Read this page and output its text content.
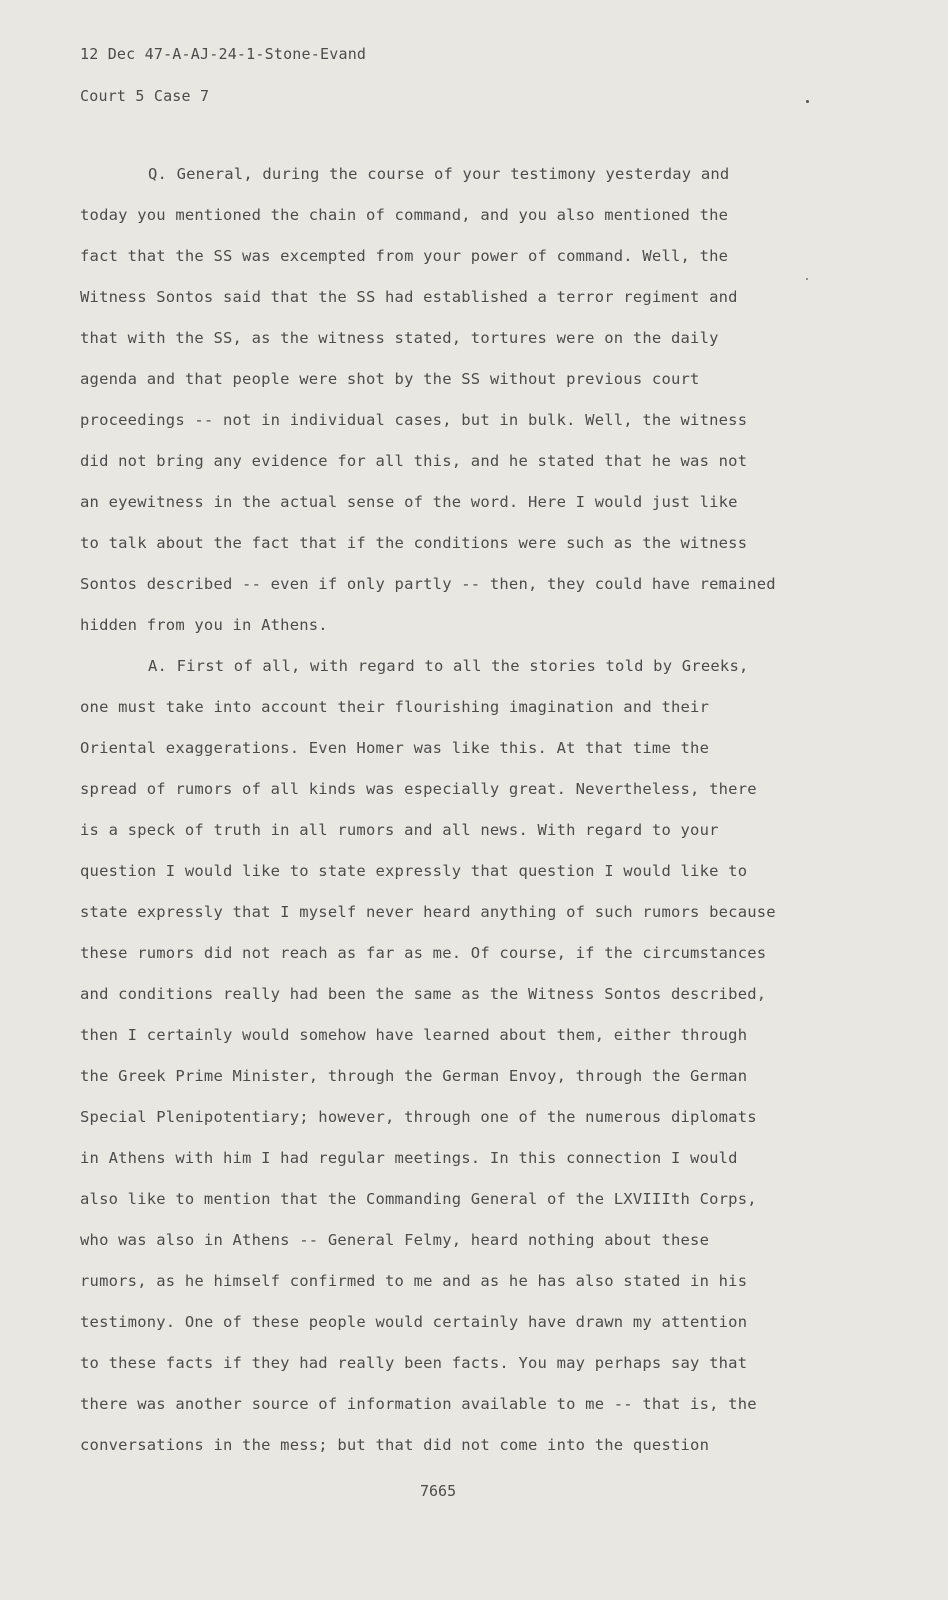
12 Dec 47-A-AJ-24-1-Stone-Evand
Court 5 Case 7
Q. General, during the course of your testimony yesterday and
today you mentioned the chain of command, and you also mentioned the
fact that the SS was excempted from your power of command. Well, the
Witness Sontos said that the SS had established a terror regiment and
that with the SS, as the witness stated, tortures were on the daily
agenda and that people were shot by the SS without previous court
proceedings -- not in individual cases, but in bulk. Well, the witness
did not bring any evidence for all this, and he stated that he was not
an eyewitness in the actual sense of the word. Here I would just like
to talk about the fact that if the conditions were such as the witness
Sontos described -- even if only partly -- then, they could have remained
hidden from you in Athens.
A. First of all, with regard to all the stories told by Greeks,
one must take into account their flourishing imagination and their
Oriental exaggerations. Even Homer was like this. At that time the
spread of rumors of all kinds was especially great. Nevertheless, there
is a speck of truth in all rumors and all news. With regard to your
question I would like to state expressly that question I would like to
state expressly that I myself never heard anything of such rumors because
these rumors did not reach as far as me. Of course, if the circumstances
and conditions really had been the same as the Witness Sontos described,
then I certainly would somehow have learned about them, either through
the Greek Prime Minister, through the German Envoy, through the German
Special Plenipotentiary; however, through one of the numerous diplomats
in Athens with him I had regular meetings. In this connection I would
also like to mention that the Commanding General of the LXVIIIth Corps,
who was also in Athens -- General Felmy, heard nothing about these
rumors, as he himself confirmed to me and as he has also stated in his
testimony. One of these people would certainly have drawn my attention
to these facts if they had really been facts. You may perhaps say that
there was another source of information available to me -- that is, the
conversations in the mess; but that did not come into the question
7665
